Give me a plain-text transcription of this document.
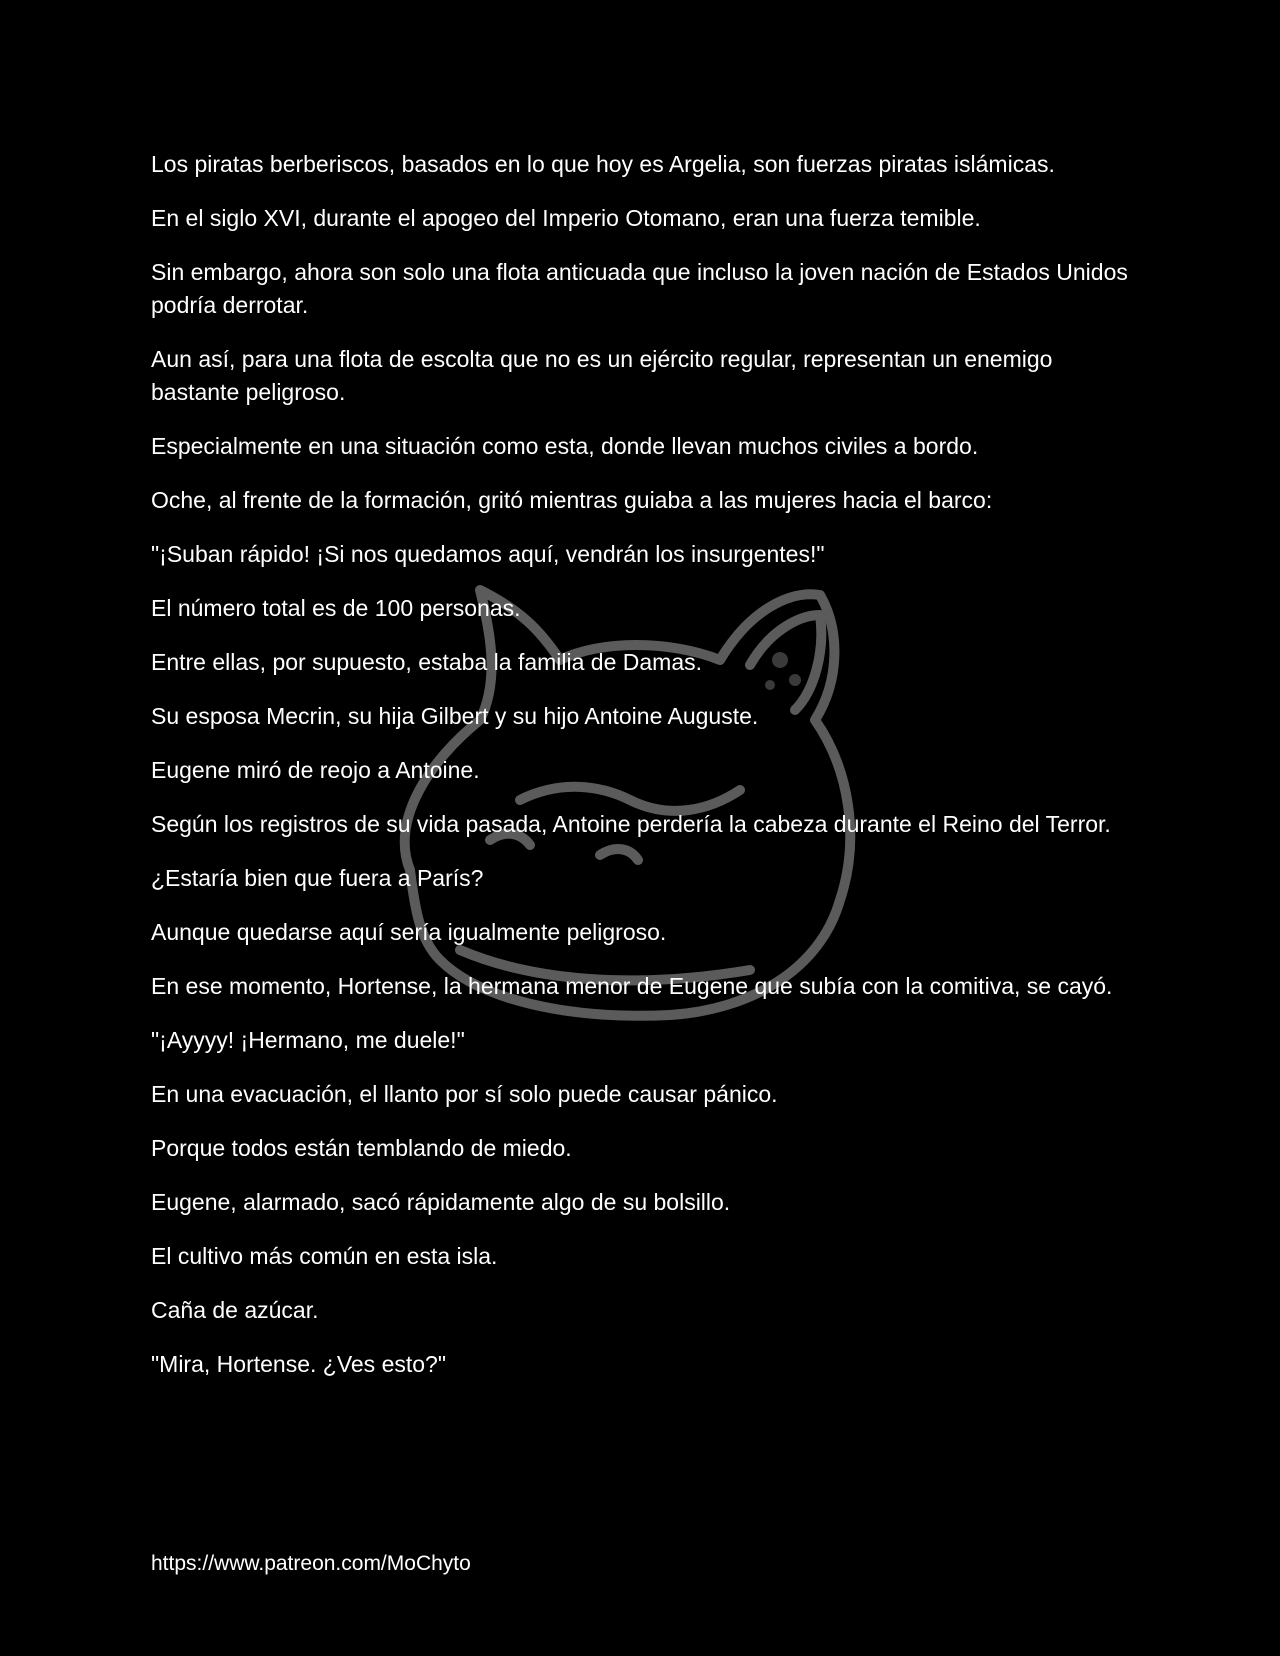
Los piratas berberiscos, basados en lo que hoy es Argelia, son fuerzas piratas islámicas.

En el siglo XVI, durante el apogeo del Imperio Otomano, eran una fuerza temible.

Sin embargo, ahora son solo una flota anticuada que incluso la joven nación de Estados Unidos podría derrotar.

Aun así, para una flota de escolta que no es un ejército regular, representan un enemigo bastante peligroso.

Especialmente en una situación como esta, donde llevan muchos civiles a bordo.

Oche, al frente de la formación, gritó mientras guiaba a las mujeres hacia el barco:

"¡Suban rápido! ¡Si nos quedamos aquí, vendrán los insurgentes!"

El número total es de 100 personas.

Entre ellas, por supuesto, estaba la familia de Damas.

Su esposa Mecrin, su hija Gilbert y su hijo Antoine Auguste.

Eugene miró de reojo a Antoine.

Según los registros de su vida pasada, Antoine perdería la cabeza durante el Reino del Terror.

¿Estaría bien que fuera a París?

Aunque quedarse aquí sería igualmente peligroso.

En ese momento, Hortense, la hermana menor de Eugene que subía con la comitiva, se cayó.

"¡Ayyyy! ¡Hermano, me duele!"

En una evacuación, el llanto por sí solo puede causar pánico.

Porque todos están temblando de miedo.

Eugene, alarmado, sacó rápidamente algo de su bolsillo.

El cultivo más común en esta isla.

Caña de azúcar.

"Mira, Hortense. ¿Ves esto?"

https://www.patreon.com/MoChyto
